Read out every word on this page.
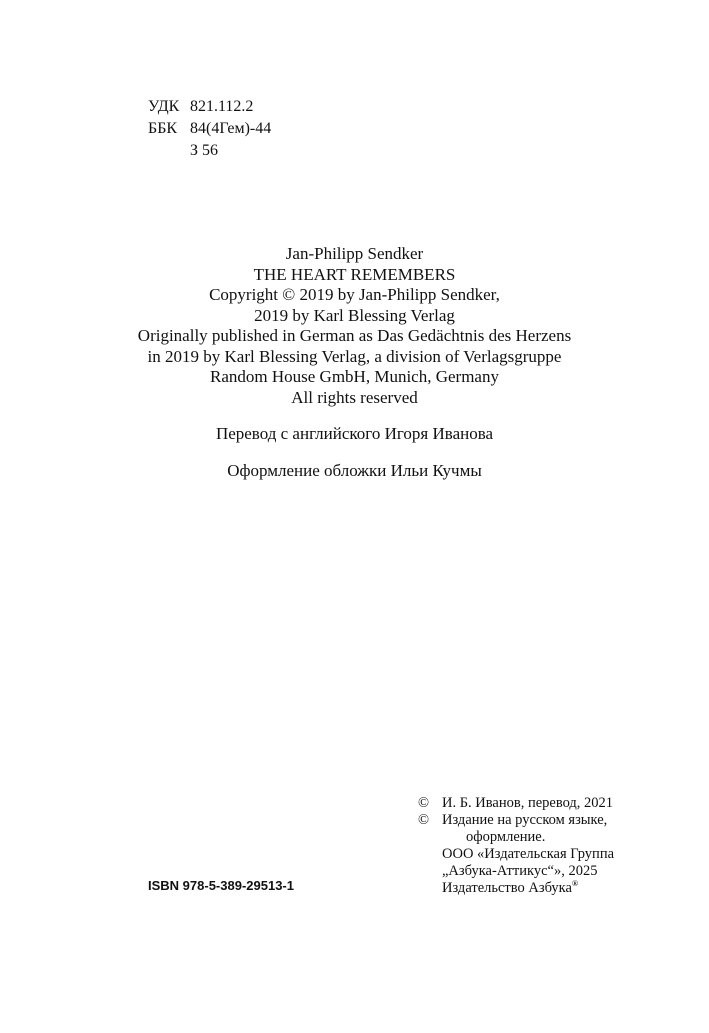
УДК 821.112.2
ББК 84(4Гем)-44
З 56
Jan-Philipp Sendker
THE HEART REMEMBERS
Copyright © 2019 by Jan-Philipp Sendker,
2019 by Karl Blessing Verlag
Originally published in German as Das Gedächtnis des Herzens
in 2019 by Karl Blessing Verlag, a division of Verlagsgruppe
Random House GmbH, Munich, Germany
All rights reserved
Перевод с английского Игоря Иванова
Оформление обложки Ильи Кучмы
ISBN 978-5-389-29513-1
© И. Б. Иванов, перевод, 2021
© Издание на русском языке,
оформление.
ООО «Издательская Группа
„Азбука-Аттикус“», 2025
Издательство Азбука®
